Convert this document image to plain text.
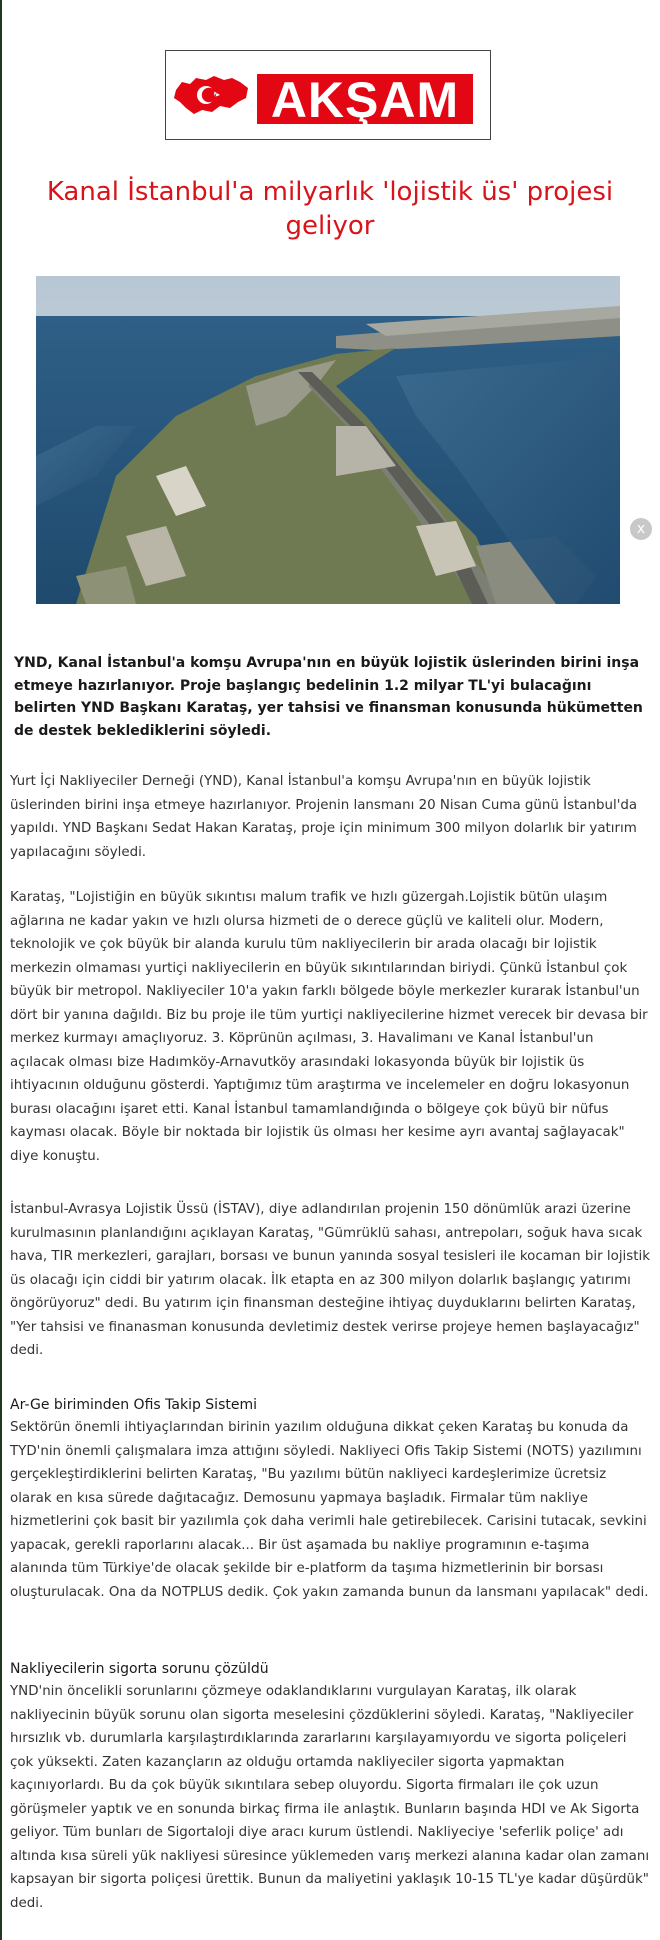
AKŞAM
Kanal İstanbul'a milyarlık 'lojistik üs' projesi geliyor
x

YND, Kanal İstanbul'a komşu Avrupa'nın en büyük lojistik üslerinden birini inşa etmeye hazırlanıyor. Proje başlangıç bedelinin 1.2 milyar TL'yi bulacağını belirten YND Başkanı Karataş, yer tahsisi ve finansman konusunda hükümetten de destek beklediklerini söyledi.

Yurt İçi Nakliyeciler Derneği (YND), Kanal İstanbul'a komşu Avrupa'nın en büyük lojistik üslerinden birini inşa etmeye hazırlanıyor. Projenin lansmanı 20 Nisan Cuma günü İstanbul'da yapıldı. YND Başkanı Sedat Hakan Karataş, proje için minimum 300 milyon dolarlık bir yatırım yapılacağını söyledi.

Karataş, "Lojistiğin en büyük sıkıntısı malum trafik ve hızlı güzergah.Lojistik bütün ulaşım ağlarına ne kadar yakın ve hızlı olursa hizmeti de o derece güçlü ve kaliteli olur. Modern, teknolojik ve çok büyük bir alanda kurulu tüm nakliyecilerin bir arada olacağı bir lojistik merkezin olmaması yurtiçi nakliyecilerin en büyük sıkıntılarından biriydi. Çünkü İstanbul çok büyük bir metropol. Nakliyeciler 10'a yakın farklı bölgede böyle merkezler kurarak İstanbul'un dört bir yanına dağıldı. Biz bu proje ile tüm yurtiçi nakliyecilerine hizmet verecek bir devasa bir merkez kurmayı amaçlıyoruz. 3. Köprünün açılması, 3. Havalimanı ve Kanal İstanbul'un açılacak olması bize Hadımköy-Arnavutköy arasındaki lokasyonda büyük bir lojistik üs ihtiyacının olduğunu gösterdi. Yaptığımız tüm araştırma ve incelemeler en doğru lokasyonun burası olacağını işaret etti. Kanal İstanbul tamamlandığında o bölgeye çok büyü bir nüfus kayması olacak. Böyle bir noktada bir lojistik üs olması her kesime ayrı avantaj sağlayacak" diye konuştu.

İstanbul-Avrasya Lojistik Üssü (İSTAV), diye adlandırılan projenin 150 dönümlük arazi üzerine kurulmasının planlandığını açıklayan Karataş, "Gümrüklü sahası, antrepoları, soğuk hava sıcak hava, TIR merkezleri, garajları, borsası ve bunun yanında sosyal tesisleri ile kocaman bir lojistik üs olacağı için ciddi bir yatırım olacak. İlk etapta en az 300 milyon dolarlık başlangıç yatırımı öngörüyoruz" dedi. Bu yatırım için finansman desteğine ihtiyaç duyduklarını belirten Karataş, "Yer tahsisi ve finanasman konusunda devletimiz destek verirse projeye hemen başlayacağız" dedi.

Ar-Ge biriminden Ofis Takip Sistemi

Sektörün önemli ihtiyaçlarından birinin yazılım olduğuna dikkat çeken Karataş bu konuda da TYD'nin önemli çalışmalara imza attığını söyledi. Nakliyeci Ofis Takip Sistemi (NOTS) yazılımını gerçekleştirdiklerini belirten Karataş, "Bu yazılımı bütün nakliyeci kardeşlerimize ücretsiz olarak en kısa sürede dağıtacağız. Demosunu yapmaya başladık. Firmalar tüm nakliye hizmetlerini çok basit bir yazılımla çok daha verimli hale getirebilecek. Carisini tutacak, sevkini yapacak, gerekli raporlarını alacak... Bir üst aşamada bu nakliye programının e-taşıma alanında tüm Türkiye'de olacak şekilde bir e-platform da taşıma hizmetlerinin bir borsası oluşturulacak. Ona da NOTPLUS dedik. Çok yakın zamanda bunun da lansmanı yapılacak" dedi.

Nakliyecilerin sigorta sorunu çözüldü

YND'nin öncelikli sorunlarını çözmeye odaklandıklarını vurgulayan Karataş, ilk olarak nakliyecinin büyük sorunu olan sigorta meselesini çözdüklerini söyledi. Karataş, "Nakliyeciler hırsızlık vb. durumlarla karşılaştırdıklarında zararlarını karşılayamıyordu ve sigorta poliçeleri çok yüksekti. Zaten kazançların az olduğu ortamda nakliyeciler sigorta yapmaktan kaçınıyorlardı. Bu da çok büyük sıkıntılara sebep oluyordu. Sigorta firmaları ile çok uzun görüşmeler yaptık ve en sonunda birkaç firma ile anlaştık. Bunların başında HDI ve Ak Sigorta geliyor. Tüm bunları de Sigortaloji diye aracı kurum üstlendi. Nakliyeciye 'seferlik poliçe' adı altında kısa süreli yük nakliyesi süresince yüklemeden varış merkezi alanına kadar olan zamanı kapsayan bir sigorta poliçesi ürettik. Bunun da maliyetini yaklaşık 10-15 TL'ye kadar düşürdük" dedi.
